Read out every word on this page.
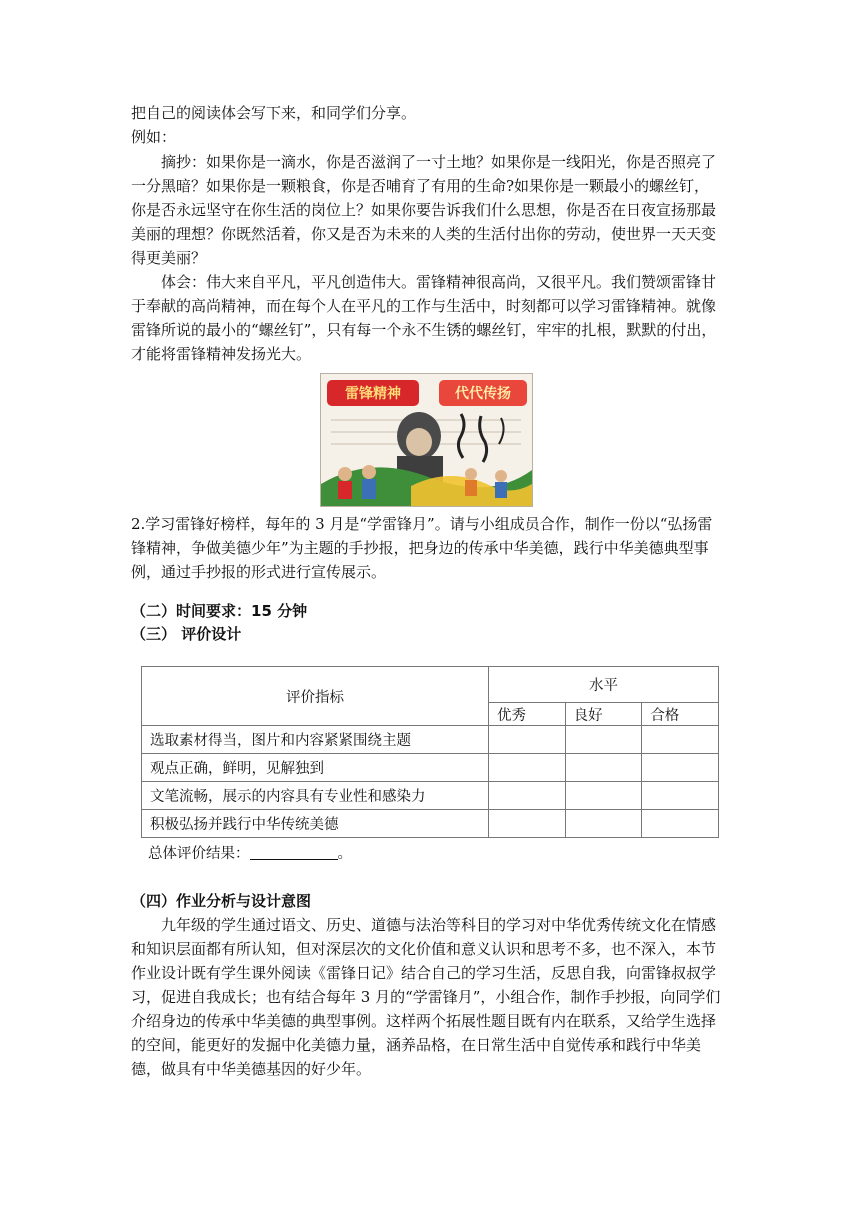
把自己的阅读体会写下来，和同学们分享。

例如：

摘抄：如果你是一滴水，你是否滋润了一寸土地？如果你是一线阳光，你是否照亮了一分黑暗？如果你是一颗粮食，你是否哺育了有用的生命?如果你是一颗最小的螺丝钉，你是否永远坚守在你生活的岗位上？如果你要告诉我们什么思想，你是否在日夜宣扬那最美丽的理想？你既然活着，你又是否为未来的人类的生活付出你的劳动，使世界一天天变得更美丽？

体会：伟大来自平凡，平凡创造伟大。雷锋精神很高尚，又很平凡。我们赞颂雷锋甘于奉献的高尚精神，而在每个人在平凡的工作与生活中，时刻都可以学习雷锋精神。就像雷锋所说的最小的“螺丝钉”，只有每一个永不生锈的螺丝钉，牢牢的扎根，默默的付出，才能将雷锋精神发扬光大。

雷锋精神	代代传扬

2.学习雷锋好榜样，每年的 3 月是“学雷锋月”。请与小组成员合作，制作一份以“弘扬雷锋精神，争做美德少年”为主题的手抄报，把身边的传承中华美德，践行中华美德典型事例，通过手抄报的形式进行宣传展示。

（二）时间要求：15 分钟

（三） 评价设计

评价指标	水平		
	优秀	良好	合格
选取素材得当，图片和内容紧紧围绕主题			
观点正确，鲜明，见解独到			
文笔流畅，展示的内容具有专业性和感染力			
积极弘扬并践行中华传统美德			
总体评价结果：	。

（四）作业分析与设计意图

九年级的学生通过语文、历史、道德与法治等科目的学习对中华优秀传统文化在情感和知识层面都有所认知，但对深层次的文化价值和意义认识和思考不多，也不深入，本节作业设计既有学生课外阅读《雷锋日记》结合自己的学习生活，反思自我，向雷锋叔叔学习，促进自我成长；也有结合每年 3 月的“学雷锋月”，小组合作，制作手抄报，向同学们介绍身边的传承中华美德的典型事例。这样两个拓展性题目既有内在联系，又给学生选择的空间，能更好的发掘中化美德力量，涵养品格，在日常生活中自觉传承和践行中华美德，做具有中华美德基因的好少年。
